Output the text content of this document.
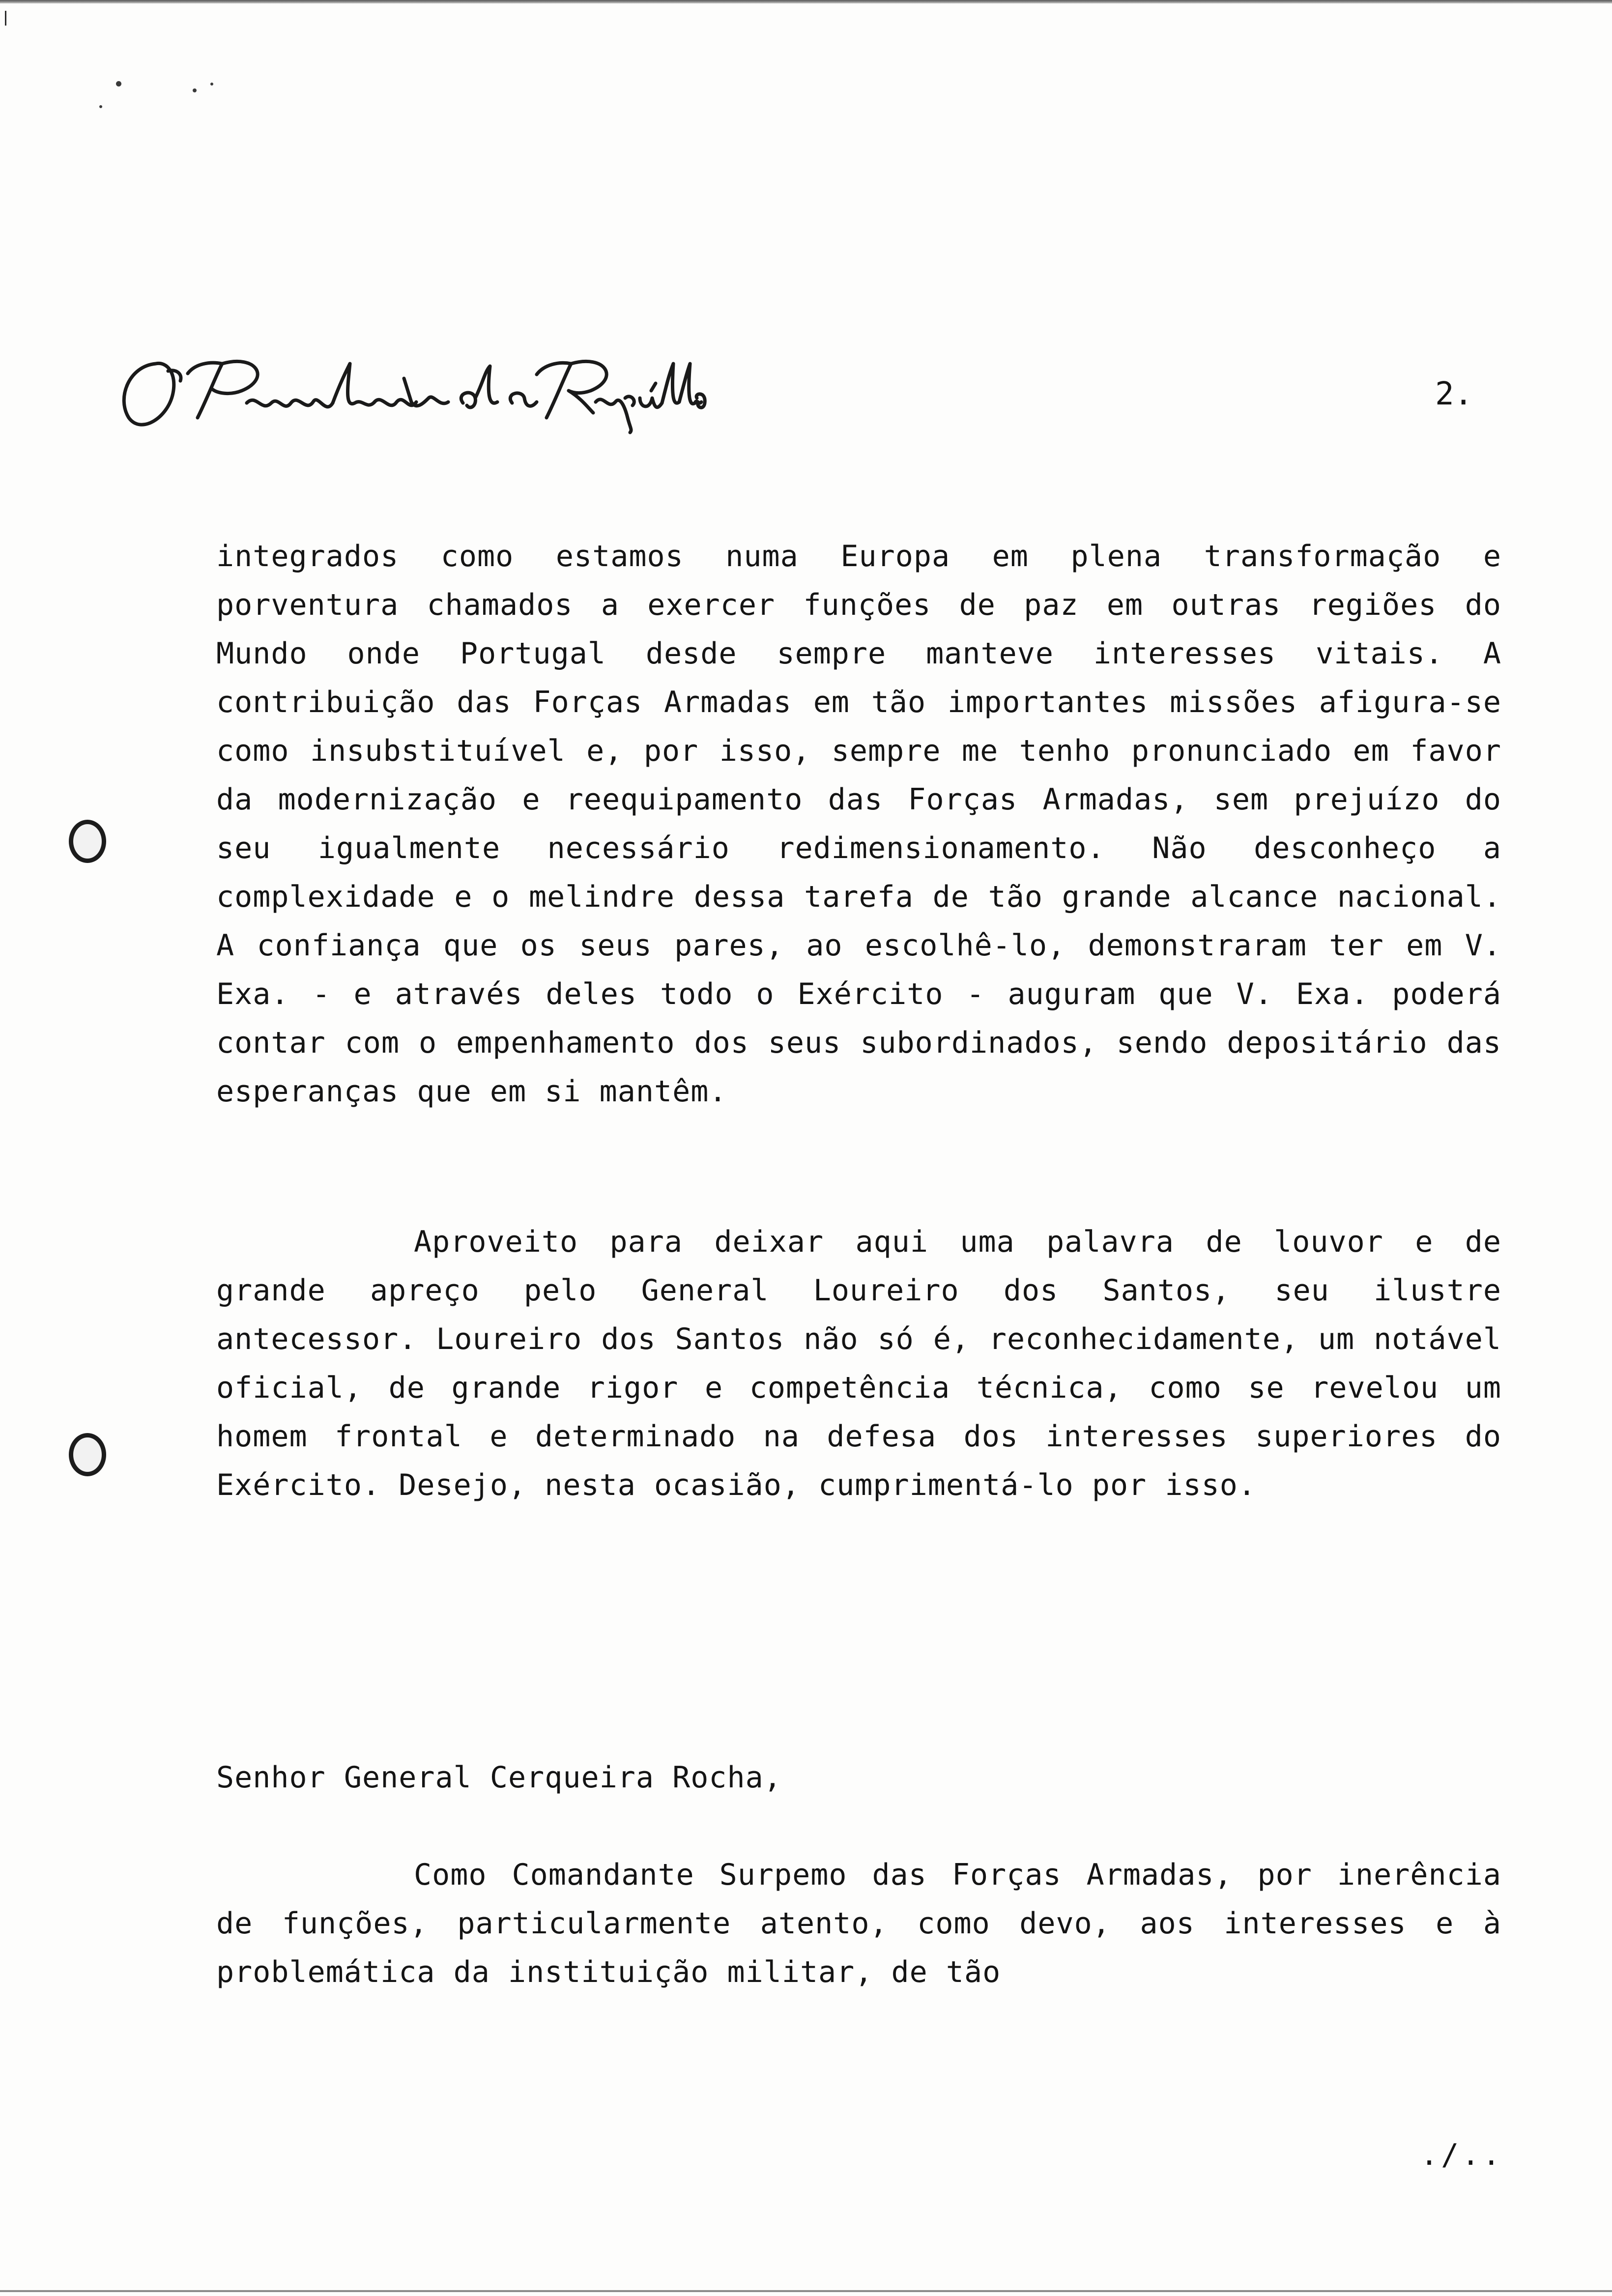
2.
integrados como estamos numa Europa em plena transformação e porventura chamados a exercer funções de paz em outras regiões do Mundo onde Portugal desde sempre manteve interesses vitais. A contribuição das Forças Armadas em tão importantes missões afigura-se como insubstituível e, por isso, sempre me tenho pronunciado em favor da modernização e reequipamento das Forças Armadas, sem prejuízo do seu igualmente necessário redimensionamento. Não desconheço a complexidade e o melindre dessa tarefa de tão grande alcance nacional. A confiança que os seus pares, ao escolhê-lo, demonstraram ter em V. Exa. - e através deles todo o Exército - auguram que V. Exa. poderá contar com o empenhamento dos seus subordinados, sendo depositário das esperanças que em si mantêm.
Aproveito para deixar aqui uma palavra de louvor e de grande apreço pelo General Loureiro dos Santos, seu ilustre antecessor. Loureiro dos Santos não só é, reconhecidamente, um notável oficial, de grande rigor e competência técnica, como se revelou um homem frontal e determinado na defesa dos interesses superiores do Exército. Desejo, nesta ocasião, cumprimentá-lo por isso.
Senhor General Cerqueira Rocha,
Como Comandante Surpemo das Forças Armadas, por inerência de funções, particularmente atento, como devo, aos interesses e à problemática da instituição militar, de tão
./..
